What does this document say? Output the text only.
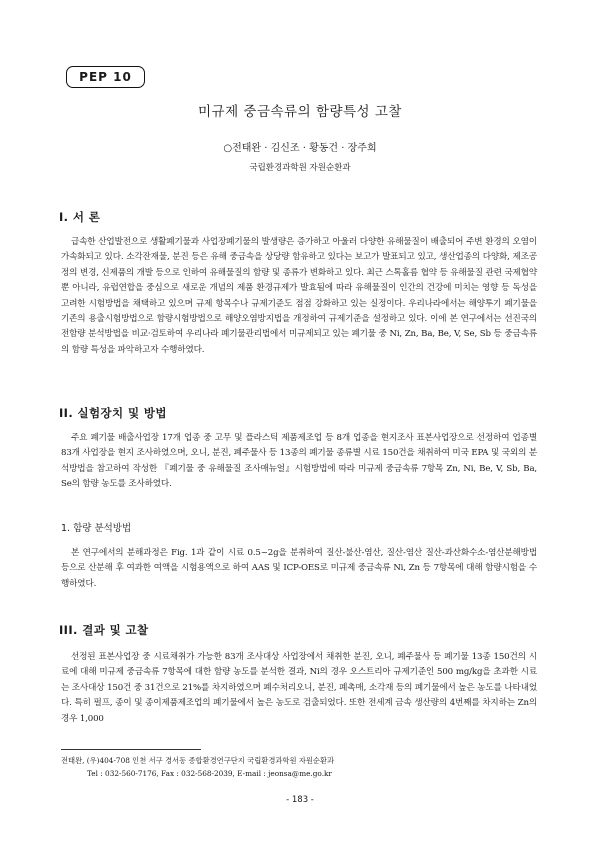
PEP 10
미규제 중금속류의 함량특성 고찰
○전태완 · 김신조 · 황동건 · 장주희
국립환경과학원 자원순환과
I. 서 론

급속한 산업발전으로 생활폐기물과 사업장폐기물의 발생량은 증가하고 아울러 다양한 유해물질이 배출되어 주변 환경의 오염이 가속화되고 있다. 소각잔재물, 분진 등은 유해 중금속을 상당량 함유하고 있다는 보고가 발표되고 있고, 생산업종의 다양화, 제조공정의 변경, 신제품의 개발 등으로 인하여 유해물질의 함량 및 종류가 변화하고 있다. 최근 스톡홀름 협약 등 유해물질 관련 국제협약뿐 아니라, 유럽연합을 중심으로 새로운 개념의 제품 환경규제가 발효됨에 따라 유해물질이 인간의 건강에 미치는 영향 등 독성을 고려한 시험방법을 채택하고 있으며 규제 항목수나 규제기준도 점점 강화하고 있는 실정이다. 우리나라에서는 해양투기 폐기물을 기존의 용출시험방법으로 함량시험방법으로 해양오염방지법을 개정하여 규제기준을 설정하고 있다. 이에 본 연구에서는 선진국의 전함량 분석방법을 비교·검토하여 우리나라 폐기물관리법에서 미규제되고 있는 폐기물 중 Ni, Zn, Ba, Be, V, Se, Sb 등 중금속류의 함량 특성을 파악하고자 수행하였다.

II. 실험장치 및 방법

주요 폐기물 배출사업장 17개 업종 중 고무 및 플라스틱 제품제조업 등 8개 업종을 현지조사 표본사업장으로 선정하여 업종별 83개 사업장을 현지 조사하였으며, 오니, 분진, 폐주물사 등 13종의 폐기물 종류별 시료 150건을 채취하여 미국 EPA 및 국외의 분석방법을 참고하여 작성한 『폐기물 중 유해물질 조사매뉴얼』시험방법에 따라 미규제 중금속류 7항목 Zn, Ni, Be, V, Sb, Ba, Se의 함량 농도를 조사하였다.

1. 함량 분석방법

본 연구에서의 분해과정은 Fig. 1과 같이 시료 0.5~2g을 분취하여 질산-불산-염산, 질산-염산 질산-과산화수소-염산분해방법 등으로 산분해 후 여과한 여액을 시험용액으로 하여 AAS 및 ICP-OES로 미규제 중금속류 Ni, Zn 등 7항목에 대해 함량시험을 수행하였다.

III. 결과 및 고찰

선정된 표본사업장 중 시료채취가 가능한 83개 조사대상 사업장에서 채취한 분진, 오니, 폐주물사 등 폐기물 13종 150건의 시료에 대해 미규제 중금속류 7항목에 대한 함량 농도를 분석한 결과, Ni의 경우 오스트리아 규제기준인 500 mg/kg을 초과한 시료는 조사대상 150건 중 31건으로 21%를 차지하였으며 폐수처리오니, 분진, 폐촉매, 소각재 등의 폐기물에서 높은 농도를 나타내었다. 특히 펄프, 종이 및 종이제품제조업의 폐기물에서 높은 농도로 검출되었다. 또한 전세계 금속 생산량의 4번째를 차지하는 Zn의 경우 1,000

전태완, (우)404-708 인천 서구 경서동 종합환경연구단지 국립환경과학원 자원순환과
Tel : 032-560-7176, Fax : 032-568-2039, E-mail : jeonsa@me.go.kr
- 183 -
